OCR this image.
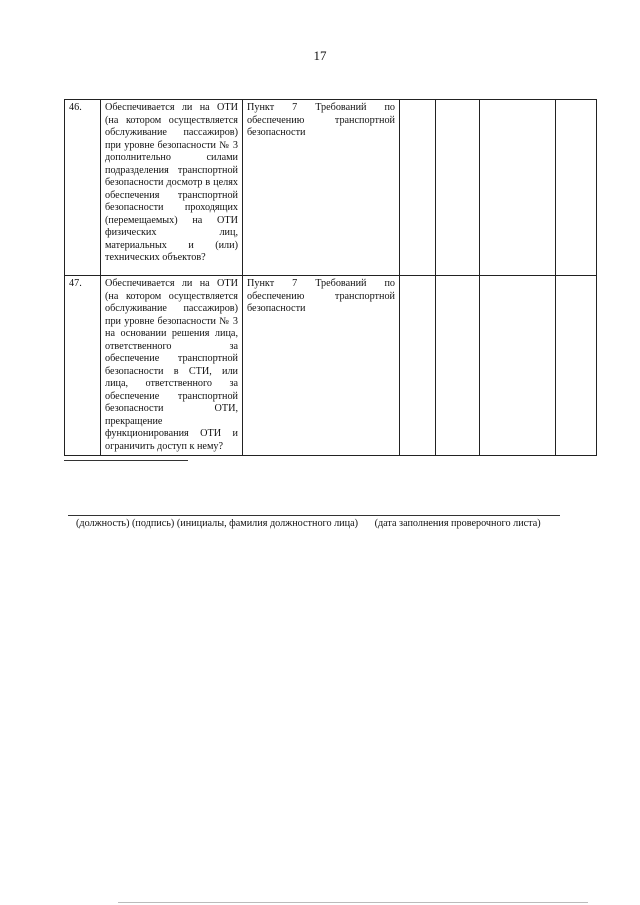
17
46.	Обеспечивается ли на ОТИ (на котором осуществляется обслуживание пассажиров) при уровне безопасности № 3 дополнительно силами подразделения транспортной безопасности досмотр в целях обеспечения транспортной безопасности проходящих (перемещаемых) на ОТИ физических лиц, материальных и (или) технических объектов?	Пункт 7 Требований по обеспечению транспортной безопасности				
47.	Обеспечивается ли на ОТИ (на котором осуществляется обслуживание пассажиров) при уровне безопасности № 3 на основании решения лица, ответственного за обеспечение транспортной безопасности в СТИ, или лица, ответственного за обеспечение транспортной безопасности ОТИ, прекращение функционирования ОТИ и ограничить доступ к нему?	Пункт 7 Требований по обеспечению транспортной безопасности				
(должность) (подпись) (инициалы, фамилия должностного лица) (дата заполнения проверочного листа)
